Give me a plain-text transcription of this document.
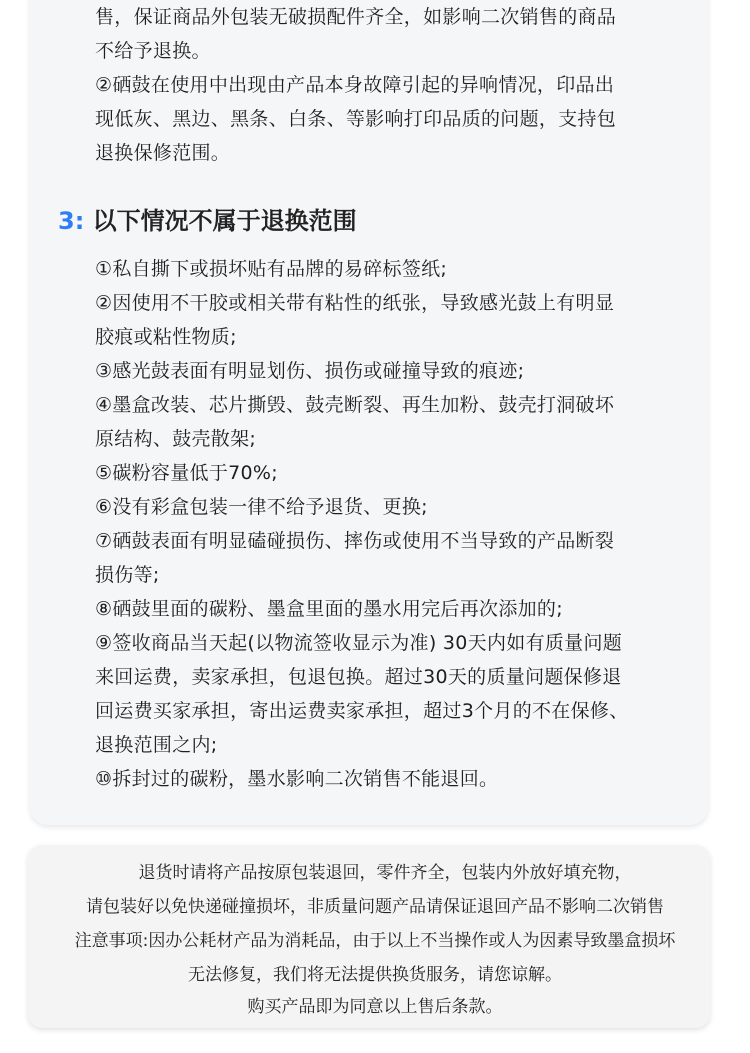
售，保证商品外包装无破损配件齐全，如影响二次销售的商品
不给予退换。
②硒鼓在使用中出现由产品本身故障引起的异响情况，印品出
现低灰、黑边、黑条、白条、等影响打印品质的问题，支持包
退换保修范围。
3: 以下情况不属于退换范围
①私自撕下或损坏贴有品牌的易碎标签纸;
②因使用不干胶或相关带有粘性的纸张，导致感光鼓上有明显
胶痕或粘性物质;
③感光鼓表面有明显划伤、损伤或碰撞导致的痕迹;
④墨盒改装、芯片撕毁、鼓壳断裂、再生加粉、鼓壳打洞破坏
原结构、鼓壳散架;
⑤碳粉容量低于70%;
⑥没有彩盒包装一律不给予退货、更换;
⑦硒鼓表面有明显磕碰损伤、摔伤或使用不当导致的产品断裂
损伤等;
⑧硒鼓里面的碳粉、墨盒里面的墨水用完后再次添加的;
⑨签收商品当天起(以物流签收显示为准) 30天内如有质量问题
来回运费，卖家承担，包退包换。超过30天的质量问题保修退
回运费买家承担，寄出运费卖家承担，超过3个月的不在保修、
退换范围之内;
⑩拆封过的碳粉，墨水影响二次销售不能退回。
退货时请将产品按原包装退回，零件齐全，包装内外放好填充物，
请包装好以免快递碰撞损坏，非质量问题产品请保证退回产品不影响二次销售
注意事项:因办公耗材产品为消耗品，由于以上不当操作或人为因素导致墨盒损坏
无法修复，我们将无法提供换货服务，请您谅解。
购买产品即为同意以上售后条款。
